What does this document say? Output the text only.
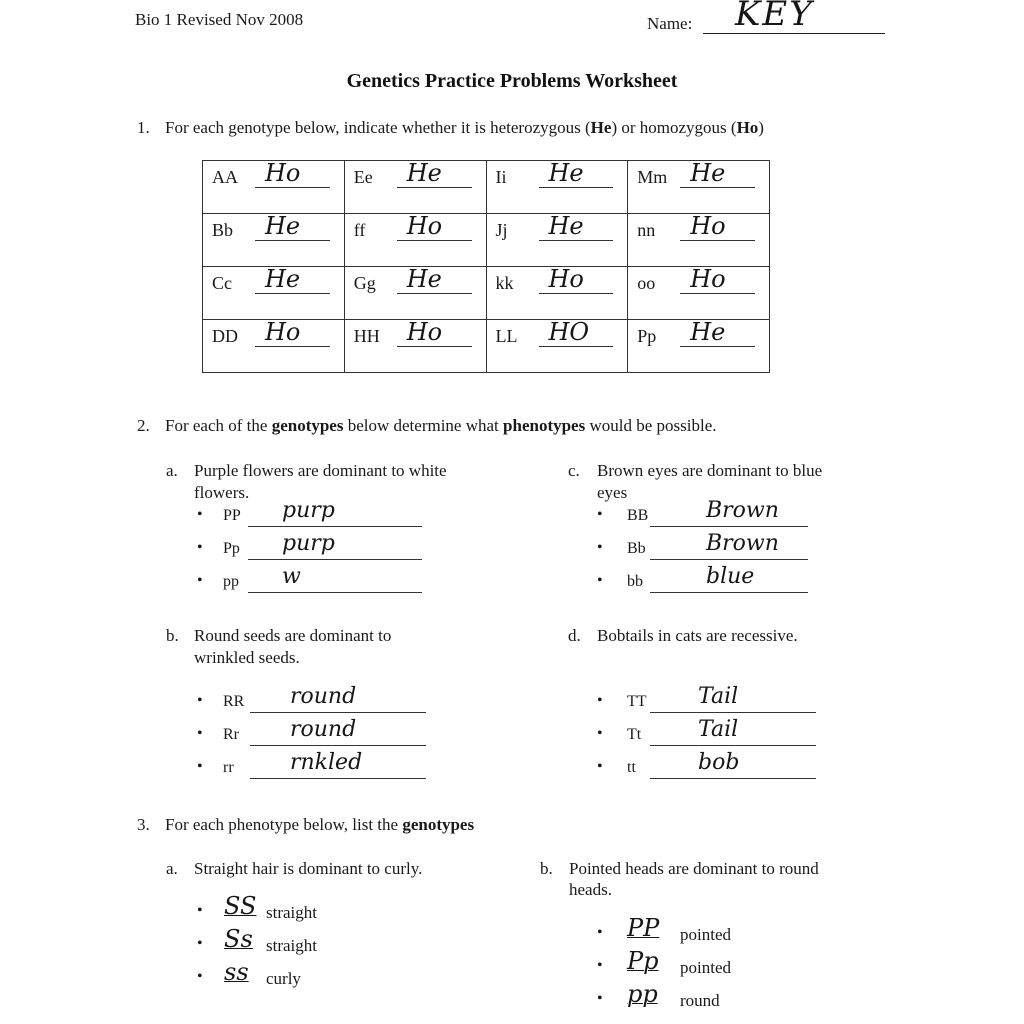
Bio 1 Revised Nov 2008	Name: KEY
Genetics Practice Problems Worksheet
1. For each genotype below, indicate whether it is heterozygous (He) or homozygous (Ho)
AA Ho	Ee He	Ii He	Mm He

Bb He	ff Ho	Jj He	nn Ho

Cc He	Gg He	kk Ho	oo Ho

DD Ho	HH Ho	LL HO	Pp He
2. For each of the genotypes below determine what phenotypes would be possible.
a. Purple flowers are dominant to white
flowers.
• PP purp
• Pp purp
• pp w
c. Brown eyes are dominant to blue
eyes
• BB	Brown
• Bb	Brown
• bb	blue
b. Round seeds are dominant to
wrinkled seeds.
• RR round
• Rr round
• rr	rnkled
d. Bobtails in cats are recessive.
• TT Tail
• Tt	Tail
• tt	bob
3. For each phenotype below, list the genotypes
a. Straight hair is dominant to curly.
• SS straight
• Ss straight
• ss curly
b. Pointed heads are dominant to round
heads.
• PP pointed
• Pp pointed
• pp round
